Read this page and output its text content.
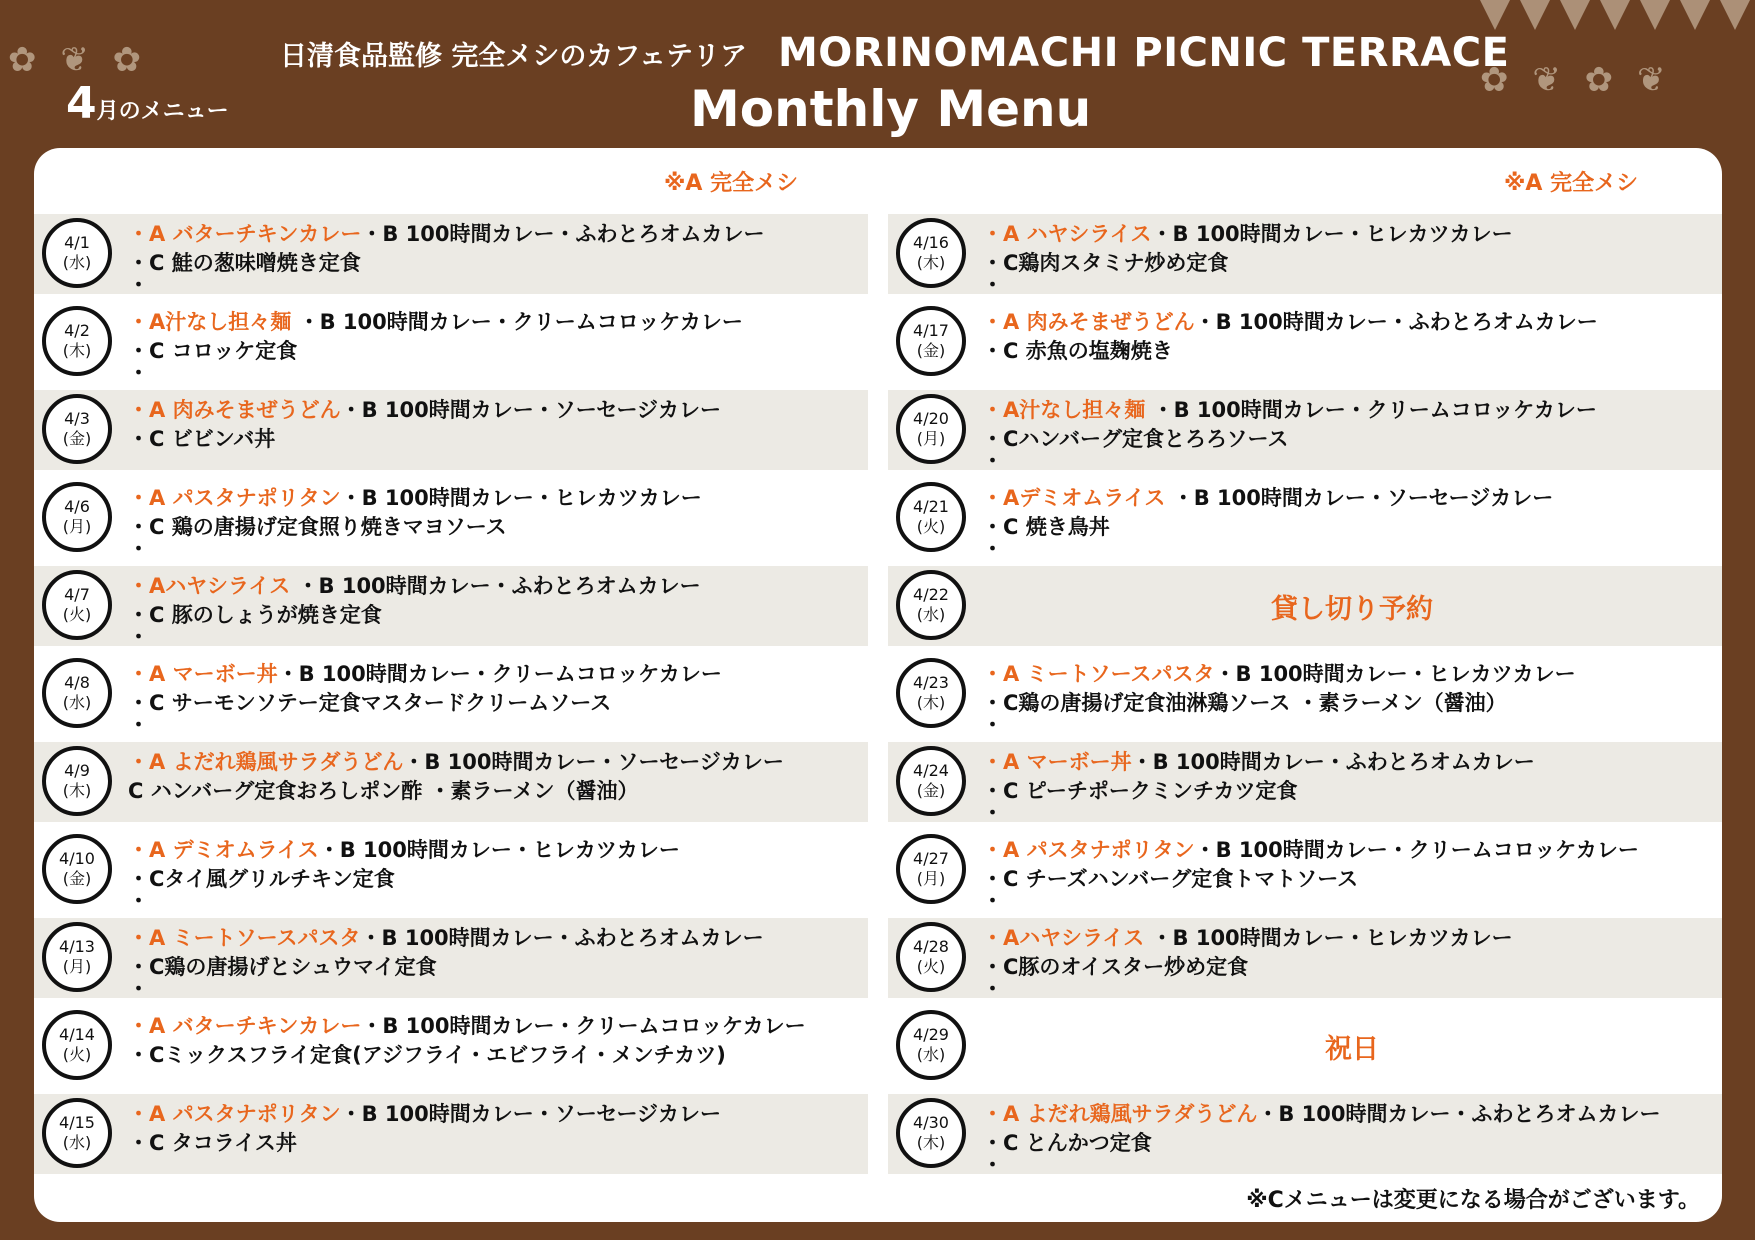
✿ ❦ ✿	✿ ❦ ✿ ❦
4月のメニュー
日清食品監修 完全メシのカフェテリア MORINOMACHI PICNIC TERRACE
Monthly Menu
※A 完全メシ	※A 完全メシ
4/1
(水)
・A バターチキンカレー・B 100時間カレー・ふわとろオムカレー
・C 鮭の葱味噌焼き定食
・
4/2
(木)
・A汁なし担々麺 ・B 100時間カレー・クリームコロッケカレー
・C コロッケ定食
・
4/3
(金)
・A 肉みそまぜうどん・B 100時間カレー・ソーセージカレー
・C ビビンバ丼
4/6
(月)
・A パスタナポリタン・B 100時間カレー・ヒレカツカレー
・C 鶏の唐揚げ定食照り焼きマヨソース
・
4/7
(火)
・Aハヤシライス ・B 100時間カレー・ふわとろオムカレー
・C 豚のしょうが焼き定食
・
4/8
(水)
・A マーボー丼・B 100時間カレー・クリームコロッケカレー
・C サーモンソテー定食マスタードクリームソース
・
4/9
(木)
・A よだれ鶏風サラダうどん・B 100時間カレー・ソーセージカレー
C ハンバーグ定食おろしポン酢 ・素ラーメン（醤油）
4/10
(金)
・A デミオムライス・B 100時間カレー・ヒレカツカレー
・Cタイ風グリルチキン定食
・
4/13
(月)
・A ミートソースパスタ・B 100時間カレー・ふわとろオムカレー
・C鶏の唐揚げとシュウマイ定食
・
4/14
(火)
・A バターチキンカレー・B 100時間カレー・クリームコロッケカレー
・Cミックスフライ定食(アジフライ・エビフライ・メンチカツ)
4/15
(水)
・A パスタナポリタン・B 100時間カレー・ソーセージカレー
・C タコライス丼
4/16
(木)
・A ハヤシライス・B 100時間カレー・ヒレカツカレー
・C鶏肉スタミナ炒め定食
・
4/17
(金)
・A 肉みそまぜうどん・B 100時間カレー・ふわとろオムカレー
・C 赤魚の塩麹焼き
4/20
(月)
・A汁なし担々麺 ・B 100時間カレー・クリームコロッケカレー
・Cハンバーグ定食とろろソース
・
4/21
(火)
・Aデミオムライス ・B 100時間カレー・ソーセージカレー
・C 焼き鳥丼
・
4/22
(水)	貸し切り予約
4/23
(木)
・A ミートソースパスタ・B 100時間カレー・ヒレカツカレー
・C鶏の唐揚げ定食油淋鶏ソース ・素ラーメン（醤油）
・
4/24
(金)
・A マーボー丼・B 100時間カレー・ふわとろオムカレー
・C ピーチポークミンチカツ定食
・
4/27
(月)
・A パスタナポリタン・B 100時間カレー・クリームコロッケカレー
・C チーズハンバーグ定食トマトソース
・
4/28
(火)
・Aハヤシライス ・B 100時間カレー・ヒレカツカレー
・C豚のオイスター炒め定食
・
4/29
(水)	祝日
4/30
(木)
・A よだれ鶏風サラダうどん・B 100時間カレー・ふわとろオムカレー
・C とんかつ定食
・
※Cメニューは変更になる場合がございます。
